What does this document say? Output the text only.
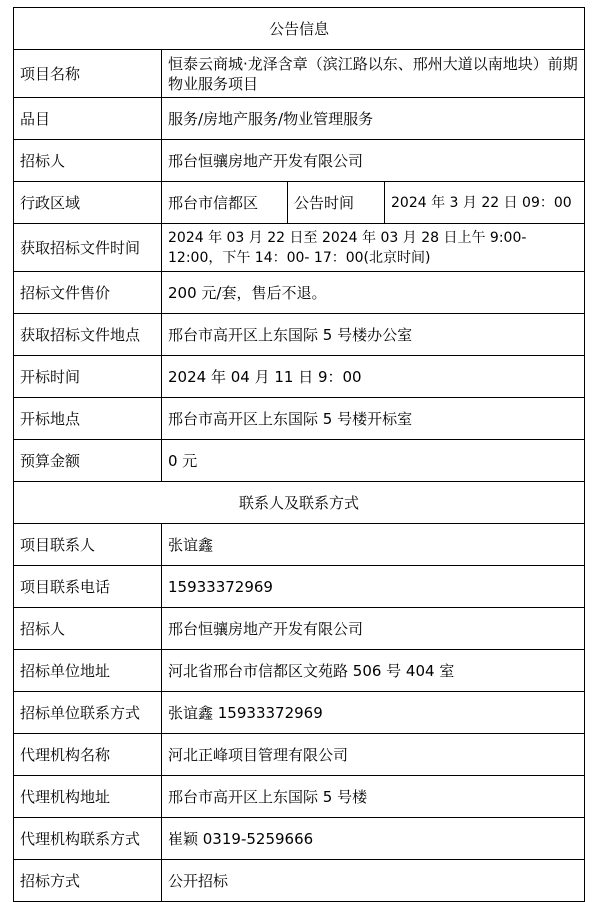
公告信息			
项目名称	恒泰云商城·龙泽含章（滨江路以东、邢州大道以南地块）前期物业服务项目		
品目	服务/房地产服务/物业管理服务		
招标人	邢台恒骧房地产开发有限公司		
行政区域	邢台市信都区	公告时间	2024 年 3 月 22 日 09：00
获取招标文件时间	2024 年 03 月 22 日至 2024 年 03 月 28 日上午 9:00-12:00，下午 14：00- 17：00(北京时间)		
招标文件售价	200 元/套，售后不退。		
获取招标文件地点	邢台市高开区上东国际 5 号楼办公室		
开标时间	2024 年 04 月 11 日 9：00		
开标地点	邢台市高开区上东国际 5 号楼开标室		
预算金额	0 元		
联系人及联系方式			
项目联系人	张谊鑫		
项目联系电话	15933372969		
招标人	邢台恒骧房地产开发有限公司		
招标单位地址	河北省邢台市信都区文苑路 506 号 404 室		
招标单位联系方式	张谊鑫 15933372969		
代理机构名称	河北正峰项目管理有限公司		
代理机构地址	邢台市高开区上东国际 5 号楼		
代理机构联系方式	崔颖 0319-5259666		
招标方式	公开招标		
